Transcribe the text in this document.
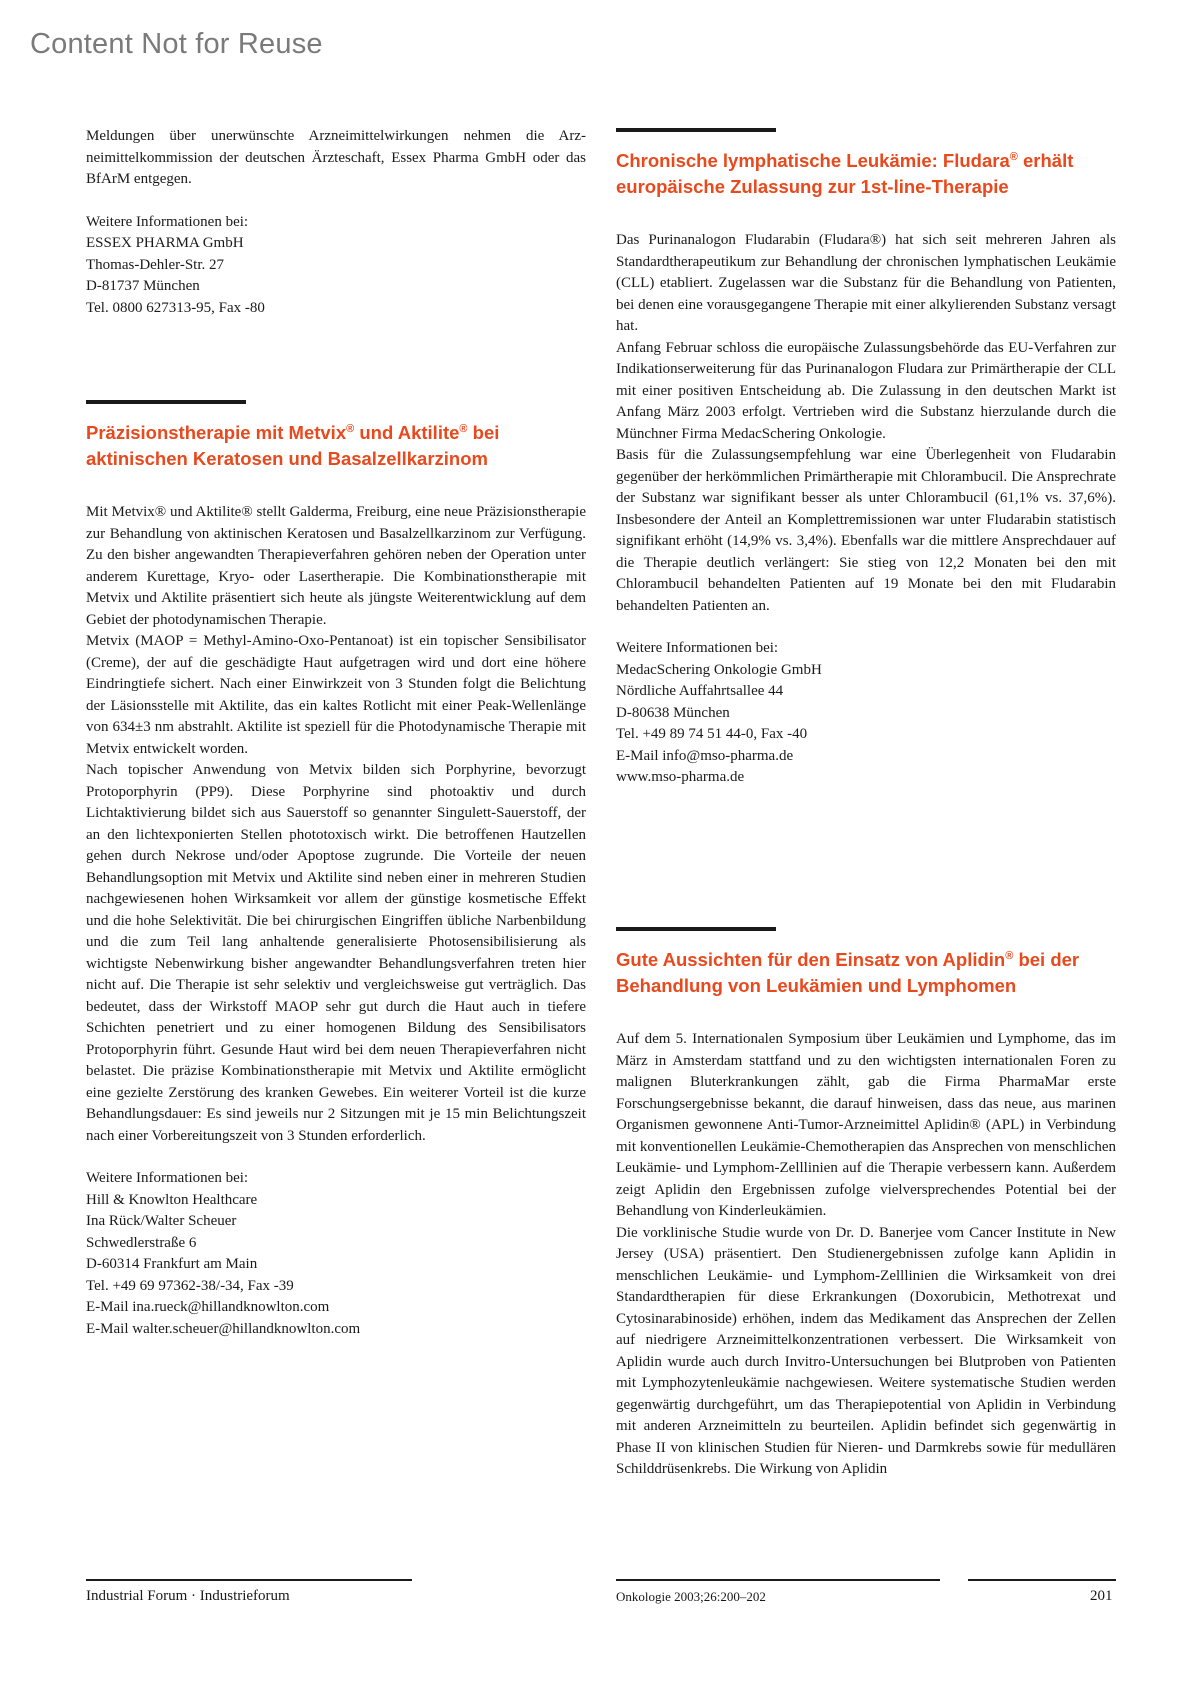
Content Not for Reuse

Meldungen über unerwünschte Arzneimittelwirkungen nehmen die Arzneimittelkommission der deutschen Ärzteschaft, Essex Pharma GmbH oder das BfArM entgegen.

Weitere Informationen bei:
ESSEX PHARMA GmbH
Thomas-Dehler-Str. 27
D-81737 München
Tel. 0800 627313-95, Fax -80
Präzisionstherapie mit Metvix® und Aktilite® bei
aktinischen Keratosen und Basalzellkarzinom

Mit Metvix® und Aktilite® stellt Galderma, Freiburg, eine neue Präzisionstherapie zur Behandlung von aktinischen Keratosen und Basalzellkarzinom zur Verfügung. Zu den bisher angewandten Therapieverfahren gehören neben der Operation unter anderem Kurettage, Kryo- oder Lasertherapie. Die Kombinationstherapie mit Metvix und Aktilite präsentiert sich heute als jüngste Weiterentwicklung auf dem Gebiet der photodynamischen Therapie.

Metvix (MAOP = Methyl-Amino-Oxo-Pentanoat) ist ein topischer Sensibilisator (Creme), der auf die geschädigte Haut aufgetragen wird und dort eine höhere Eindringtiefe sichert. Nach einer Einwirkzeit von 3 Stunden folgt die Belichtung der Läsionsstelle mit Aktilite, das ein kaltes Rotlicht mit einer Peak-Wellenlänge von 634±3 nm abstrahlt. Aktilite ist speziell für die Photodynamische Therapie mit Metvix entwickelt worden.

Nach topischer Anwendung von Metvix bilden sich Porphyrine, bevorzugt Protoporphyrin (PP9). Diese Porphyrine sind photoaktiv und durch Lichtaktivierung bildet sich aus Sauerstoff so genannter Singulett-Sauerstoff, der an den lichtexponierten Stellen phototoxisch wirkt. Die betroffenen Hautzellen gehen durch Nekrose und/oder Apoptose zugrunde. Die Vorteile der neuen Behandlungsoption mit Metvix und Aktilite sind neben einer in mehreren Studien nachgewiesenen hohen Wirksamkeit vor allem der günstige kosmetische Effekt und die hohe Selektivität. Die bei chirurgischen Eingriffen übliche Narbenbildung und die zum Teil lang anhaltende generalisierte Photosensibilisierung als wichtigste Nebenwirkung bisher angewandter Behandlungsverfahren treten hier nicht auf. Die Therapie ist sehr selektiv und vergleichsweise gut verträglich. Das bedeutet, dass der Wirkstoff MAOP sehr gut durch die Haut auch in tiefere Schichten penetriert und zu einer homogenen Bildung des Sensibilisators Protoporphyrin führt. Gesunde Haut wird bei dem neuen Therapieverfahren nicht belastet. Die präzise Kombinationstherapie mit Metvix und Aktilite ermöglicht eine gezielte Zerstörung des kranken Gewebes. Ein weiterer Vorteil ist die kurze Behandlungsdauer: Es sind jeweils nur 2 Sitzungen mit je 15 min Belichtungszeit nach einer Vorbereitungszeit von 3 Stunden erforderlich.

Weitere Informationen bei:
Hill & Knowlton Healthcare
Ina Rück/Walter Scheuer
Schwedlerstraße 6
D-60314 Frankfurt am Main
Tel. +49 69 97362-38/-34, Fax -39
E-Mail ina.rueck@hillandknowlton.com
E-Mail walter.scheuer@hillandknowlton.com
Chronische lymphatische Leukämie: Fludara® erhält
europäische Zulassung zur 1st-line-Therapie

Das Purinanalogon Fludarabin (Fludara®) hat sich seit mehreren Jahren als Standardtherapeutikum zur Behandlung der chronischen lymphatischen Leukämie (CLL) etabliert. Zugelassen war die Substanz für die Behandlung von Patienten, bei denen eine vorausgegangene Therapie mit einer alkylierenden Substanz versagt hat.

Anfang Februar schloss die europäische Zulassungsbehörde das EU-Verfahren zur Indikationserweiterung für das Purinanalogon Fludara zur Primärtherapie der CLL mit einer positiven Entscheidung ab. Die Zulassung in den deutschen Markt ist Anfang März 2003 erfolgt. Vertrieben wird die Substanz hierzulande durch die Münchner Firma MedacSchering Onkologie.

Basis für die Zulassungsempfehlung war eine Überlegenheit von Fludarabin gegenüber der herkömmlichen Primärtherapie mit Chlorambucil. Die Ansprechrate der Substanz war signifikant besser als unter Chlorambucil (61,1% vs. 37,6%). Insbesondere der Anteil an Komplettremissionen war unter Fludarabin statistisch signifikant erhöht (14,9% vs. 3,4%). Ebenfalls war die mittlere Ansprechdauer auf die Therapie deutlich verlängert: Sie stieg von 12,2 Monaten bei den mit Chlorambucil behandelten Patienten auf 19 Monate bei den mit Fludarabin behandelten Patienten an.

Weitere Informationen bei:
MedacSchering Onkologie GmbH
Nördliche Auffahrtsallee 44
D-80638 München
Tel. +49 89 74 51 44-0, Fax -40
E-Mail info@mso-pharma.de
www.mso-pharma.de
Gute Aussichten für den Einsatz von Aplidin® bei der
Behandlung von Leukämien und Lymphomen

Auf dem 5. Internationalen Symposium über Leukämien und Lymphome, das im März in Amsterdam stattfand und zu den wichtigsten internationalen Foren zu malignen Bluterkrankungen zählt, gab die Firma PharmaMar erste Forschungsergebnisse bekannt, die darauf hinweisen, dass das neue, aus marinen Organismen gewonnene Anti-Tumor-Arzneimittel Aplidin® (APL) in Verbindung mit konventionellen Leukämie-Chemotherapien das Ansprechen von menschlichen Leukämie- und Lymphom-Zelllinien auf die Therapie verbessern kann. Außerdem zeigt Aplidin den Ergebnissen zufolge vielversprechendes Potential bei der Behandlung von Kinderleukämien.

Die vorklinische Studie wurde von Dr. D. Banerjee vom Cancer Institute in New Jersey (USA) präsentiert. Den Studienergebnissen zufolge kann Aplidin in menschlichen Leukämie- und Lymphom-Zelllinien die Wirksamkeit von drei Standardtherapien für diese Erkrankungen (Doxorubicin, Methotrexat und Cytosinarabinoside) erhöhen, indem das Medikament das Ansprechen der Zellen auf niedrigere Arzneimittelkonzentrationen verbessert. Die Wirksamkeit von Aplidin wurde auch durch Invitro-Untersuchungen bei Blutproben von Patienten mit Lymphozytenleukämie nachgewiesen. Weitere systematische Studien werden gegenwärtig durchgeführt, um das Therapiepotential von Aplidin in Verbindung mit anderen Arzneimitteln zu beurteilen. Aplidin befindet sich gegenwärtig in Phase II von klinischen Studien für Nieren- und Darmkrebs sowie für medullären Schilddrüsenkrebs. Die Wirkung von Aplidin

Industrial Forum · Industrieforum	Onkologie 2003;26:200–202	201
